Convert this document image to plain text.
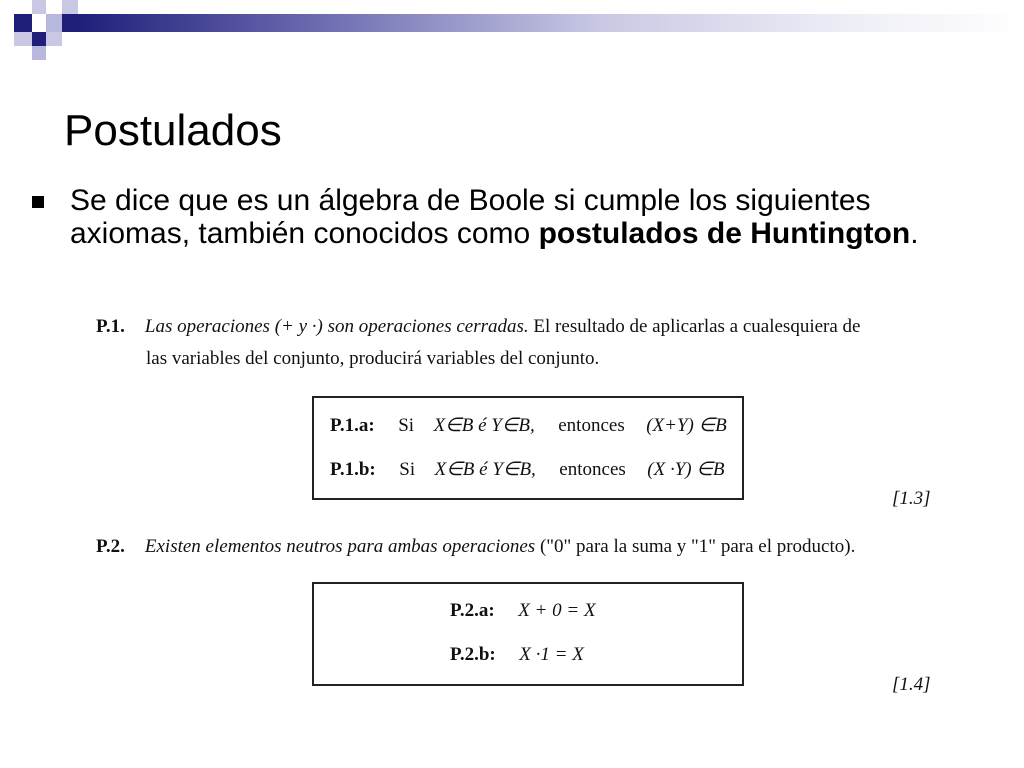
Postulados
Se dice que es un álgebra de Boole si cumple los siguientes axiomas, también conocidos como postulados de Huntington.
P.1. Las operaciones (+ y ·) son operaciones cerradas. El resultado de aplicarlas a cualesquiera de
las variables del conjunto, producirá variables del conjunto.
P.1.a: Si X∈B é Y∈B, entonces (X+Y) ∈B
P.1.b: Si X∈B é Y∈B, entonces (X ·Y) ∈B
[1.3]
P.2. Existen elementos neutros para ambas operaciones ("0" para la suma y "1" para el producto).
P.2.a: X + 0 = X
P.2.b: X ·1 = X
[1.4]
